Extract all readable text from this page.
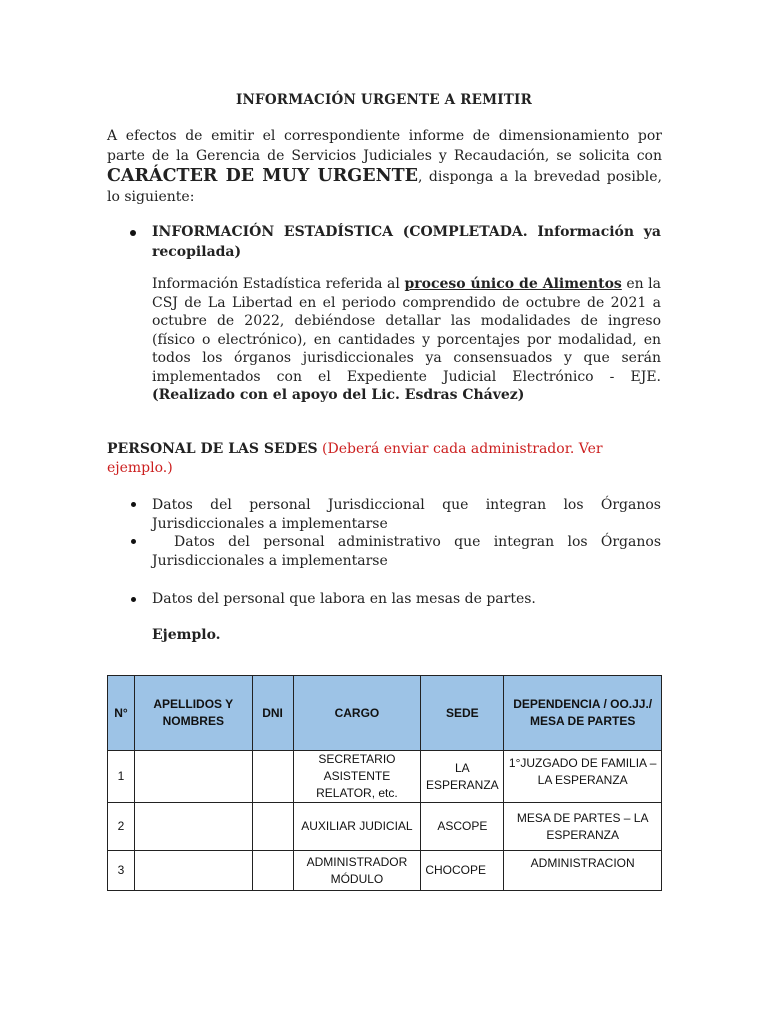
INFORMACIÓN URGENTE A REMITIR
A efectos de emitir el correspondiente informe de dimensionamiento por parte de la Gerencia de Servicios Judiciales y Recaudación, se solicita con CARÁCTER DE MUY URGENTE, disponga a la brevedad posible, lo siguiente:
INFORMACIÓN ESTADÍSTICA (COMPLETADA. Información ya recopilada)
Información Estadística referida al proceso único de Alimentos en la CSJ de La Libertad en el periodo comprendido de octubre de 2021 a octubre de 2022, debiéndose detallar las modalidades de ingreso (físico o electrónico), en cantidades y porcentajes por modalidad, en todos los órganos jurisdiccionales ya consensuados y que serán implementados con el Expediente Judicial Electrónico - EJE. (Realizado con el apoyo del Lic. Esdras Chávez)
PERSONAL DE LAS SEDES (Deberá enviar cada administrador. Ver ejemplo.)
Datos del personal Jurisdiccional que integran los Órganos Jurisdiccionales a implementarse
Datos del personal administrativo que integran los Órganos Jurisdiccionales a implementarse
Datos del personal que labora en las mesas de partes.
Ejemplo.
N°	APELLIDOS Y NOMBRES	DNI	CARGO	SEDE	DEPENDENCIA / OO.JJ./ MESA DE PARTES
1			SECRETARIO ASISTENTE RELATOR, etc.	LA ESPERANZA	1°JUZGADO DE FAMILIA – LA ESPERANZA
2			AUXILIAR JUDICIAL	ASCOPE	MESA DE PARTES – LA ESPERANZA
3			ADMINISTRADOR MÓDULO	CHOCOPE	ADMINISTRACION
